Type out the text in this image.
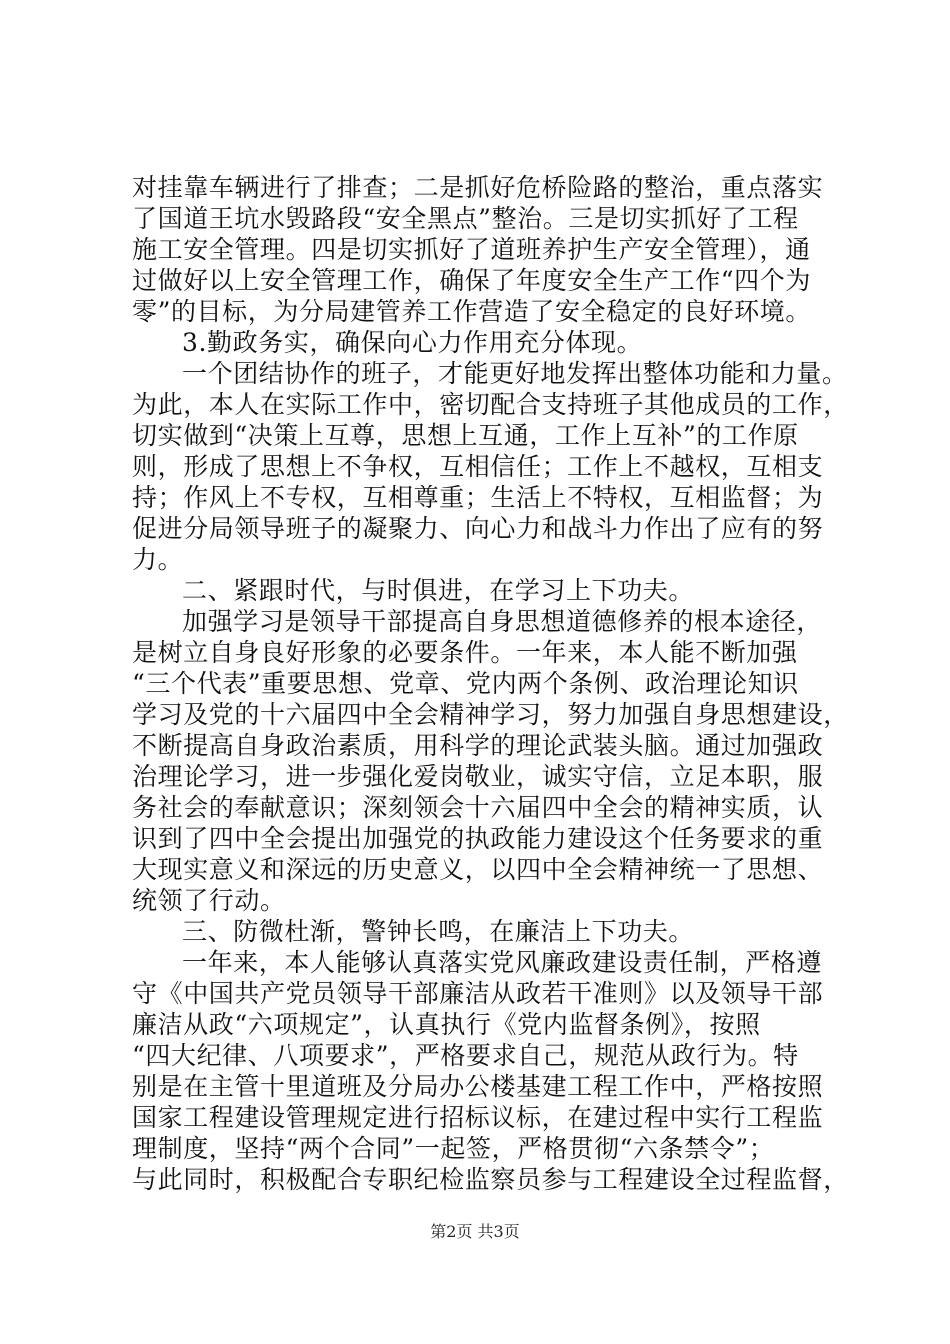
对挂靠车辆进行了排查；二是抓好危桥险路的整治，重点落实
了国道王坑水毁路段“安全黑点”整治。三是切实抓好了工程
施工安全管理。四是切实抓好了道班养护生产安全管理），通
过做好以上安全管理工作，确保了年度安全生产工作“四个为
零”的目标，为分局建管养工作营造了安全稳定的良好环境。
3.勤政务实，确保向心力作用充分体现。
一个团结协作的班子，才能更好地发挥出整体功能和力量。
为此，本人在实际工作中，密切配合支持班子其他成员的工作，
切实做到“决策上互尊，思想上互通，工作上互补”的工作原
则，形成了思想上不争权，互相信任；工作上不越权，互相支
持；作风上不专权，互相尊重；生活上不特权，互相监督；为
促进分局领导班子的凝聚力、向心力和战斗力作出了应有的努
力。
二、紧跟时代，与时俱进，在学习上下功夫。
加强学习是领导干部提高自身思想道德修养的根本途径，
是树立自身良好形象的必要条件。一年来，本人能不断加强
“三个代表”重要思想、党章、党内两个条例、政治理论知识
学习及党的十六届四中全会精神学习，努力加强自身思想建设，
不断提高自身政治素质，用科学的理论武装头脑。通过加强政
治理论学习，进一步强化爱岗敬业，诚实守信，立足本职，服
务社会的奉献意识；深刻领会十六届四中全会的精神实质，认
识到了四中全会提出加强党的执政能力建设这个任务要求的重
大现实意义和深远的历史意义，以四中全会精神统一了思想、
统领了行动。
三、防微杜渐，警钟长鸣，在廉洁上下功夫。
一年来，本人能够认真落实党风廉政建设责任制，严格遵
守《中国共产党员领导干部廉洁从政若干准则》以及领导干部
廉洁从政“六项规定”，认真执行《党内监督条例》，按照
“四大纪律、八项要求”，严格要求自己，规范从政行为。特
别是在主管十里道班及分局办公楼基建工程工作中，严格按照
国家工程建设管理规定进行招标议标，在建过程中实行工程监
理制度，坚持“两个合同”一起签，严格贯彻“六条禁令”；
与此同时，积极配合专职纪检监察员参与工程建设全过程监督，
第2页 共3页
